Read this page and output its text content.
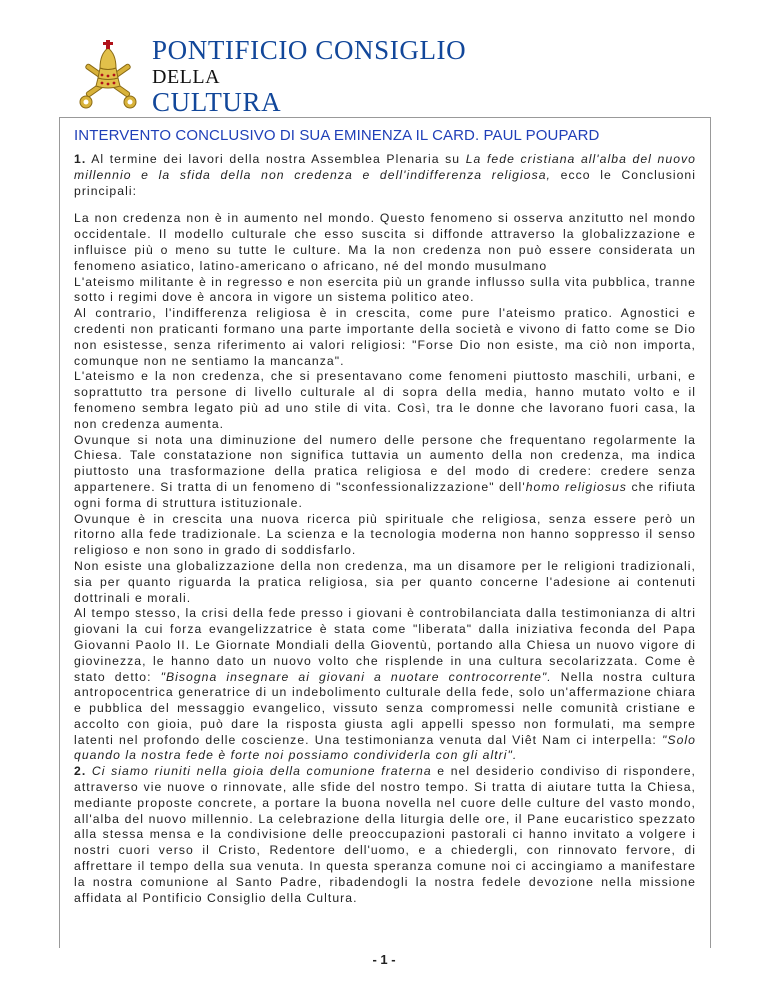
PONTIFICIO CONSIGLIO
DELLA
CULTURA
INTERVENTO CONCLUSIVO DI SUA EMINENZA IL CARD. PAUL POUPARD

1. Al termine dei lavori della nostra Assemblea Plenaria su La fede cristiana all'alba del nuovo millennio e la sfida della non credenza e dell'indifferenza religiosa, ecco le Conclusioni principali:

La non credenza non è in aumento nel mondo. Questo fenomeno si osserva anzitutto nel mondo occidentale. Il modello culturale che esso suscita si diffonde attraverso la globalizzazione e influisce più o meno su tutte le culture. Ma la non credenza non può essere considerata un fenomeno asiatico, latino-americano o africano, né del mondo musulmano

L'ateismo militante è in regresso e non esercita più un grande influsso sulla vita pubblica, tranne sotto i regimi dove è ancora in vigore un sistema politico ateo.

Al contrario, l'indifferenza religiosa è in crescita, come pure l'ateismo pratico. Agnostici e credenti non praticanti formano una parte importante della società e vivono di fatto come se Dio non esistesse, senza riferimento ai valori religiosi: "Forse Dio non esiste, ma ciò non importa, comunque non ne sentiamo la mancanza".

L'ateismo e la non credenza, che si presentavano come fenomeni piuttosto maschili, urbani, e soprattutto tra persone di livello culturale al di sopra della media, hanno mutato volto e il fenomeno sembra legato più ad uno stile di vita. Così, tra le donne che lavorano fuori casa, la non credenza aumenta.

Ovunque si nota una diminuzione del numero delle persone che frequentano regolarmente la Chiesa. Tale constatazione non significa tuttavia un aumento della non credenza, ma indica piuttosto una trasformazione della pratica religiosa e del modo di credere: credere senza appartenere. Si tratta di un fenomeno di "sconfessionalizzazione" dell'homo religiosus che rifiuta ogni forma di struttura istituzionale.

Ovunque è in crescita una nuova ricerca più spirituale che religiosa, senza essere però un ritorno alla fede tradizionale. La scienza e la tecnologia moderna non hanno soppresso il senso religioso e non sono in grado di soddisfarlo.

Non esiste una globalizzazione della non credenza, ma un disamore per le religioni tradizionali, sia per quanto riguarda la pratica religiosa, sia per quanto concerne l'adesione ai contenuti dottrinali e morali.

Al tempo stesso, la crisi della fede presso i giovani è controbilanciata dalla testimonianza di altri giovani la cui forza evangelizzatrice è stata come "liberata" dalla iniziativa feconda del Papa Giovanni Paolo II. Le Giornate Mondiali della Gioventù, portando alla Chiesa un nuovo vigore di giovinezza, le hanno dato un nuovo volto che risplende in una cultura secolarizzata. Come è stato detto: "Bisogna insegnare ai giovani a nuotare controcorrente". Nella nostra cultura antropocentrica generatrice di un indebolimento culturale della fede, solo un'affermazione chiara e pubblica del messaggio evangelico, vissuto senza compromessi nelle comunità cristiane e accolto con gioia, può dare la risposta giusta agli appelli spesso non formulati, ma sempre latenti nel profondo delle coscienze. Una testimonianza venuta dal Viêt Nam ci interpella: "Solo quando la nostra fede è forte noi possiamo condividerla con gli altri".

2. Ci siamo riuniti nella gioia della comunione fraterna e nel desiderio condiviso di rispondere, attraverso vie nuove o rinnovate, alle sfide del nostro tempo. Si tratta di aiutare tutta la Chiesa, mediante proposte concrete, a portare la buona novella nel cuore delle culture del vasto mondo, all'alba del nuovo millennio. La celebrazione della liturgia delle ore, il Pane eucaristico spezzato alla stessa mensa e la condivisione delle preoccupazioni pastorali ci hanno invitato a volgere i nostri cuori verso il Cristo, Redentore dell'uomo, e a chiedergli, con rinnovato fervore, di affrettare il tempo della sua venuta. In questa speranza comune noi ci accingiamo a manifestare la nostra comunione al Santo Padre, ribadendogli la nostra fedele devozione nella missione affidata al Pontificio Consiglio della Cultura.

- 1 -
